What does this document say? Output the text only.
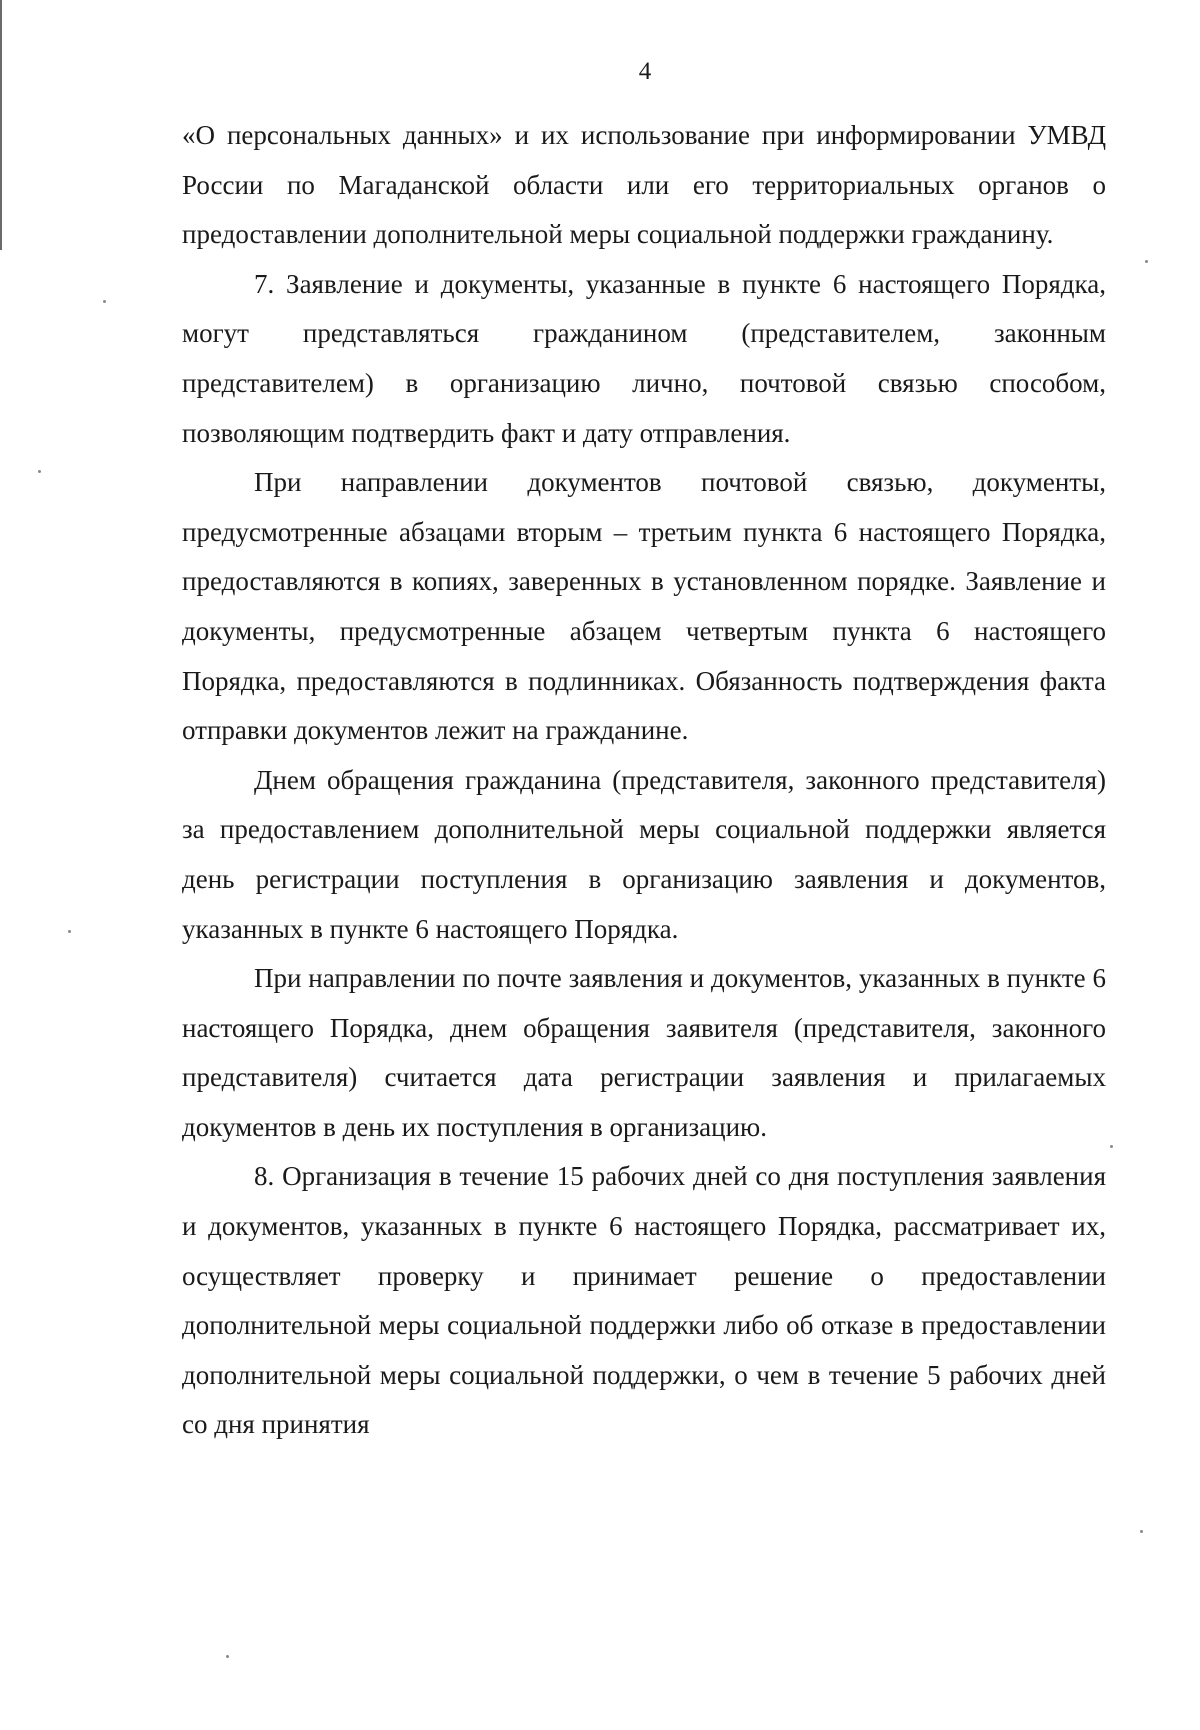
4

«О персональных данных» и их использование при информировании УМВД России по Магаданской области или его территориальных органов о предоставлении дополнительной меры социальной поддержки гражданину.

7. Заявление и документы, указанные в пункте 6 настоящего Порядка, могут представляться гражданином (представителем, законным представителем) в организацию лично, почтовой связью способом, позволяющим подтвердить факт и дату отправления.

При направлении документов почтовой связью, документы, предусмотренные абзацами вторым – третьим пункта 6 настоящего Порядка, предоставляются в копиях, заверенных в установленном порядке. Заявление и документы, предусмотренные абзацем четвертым пункта 6 настоящего Порядка, предоставляются в подлинниках. Обязанность подтверждения факта отправки документов лежит на гражданине.

Днем обращения гражданина (представителя, законного представителя) за предоставлением дополнительной меры социальной поддержки является день регистрации поступления в организацию заявления и документов, указанных в пункте 6 настоящего Порядка.

При направлении по почте заявления и документов, указанных в пункте 6 настоящего Порядка, днем обращения заявителя (представителя, законного представителя) считается дата регистрации заявления и прилагаемых документов в день их поступления в организацию.

8. Организация в течение 15 рабочих дней со дня поступления заявления и документов, указанных в пункте 6 настоящего Порядка, рассматривает их, осуществляет проверку и принимает решение о предоставлении дополнительной меры социальной поддержки либо об отказе в предоставлении дополнительной меры социальной поддержки, о чем в течение 5 рабочих дней со дня принятия
